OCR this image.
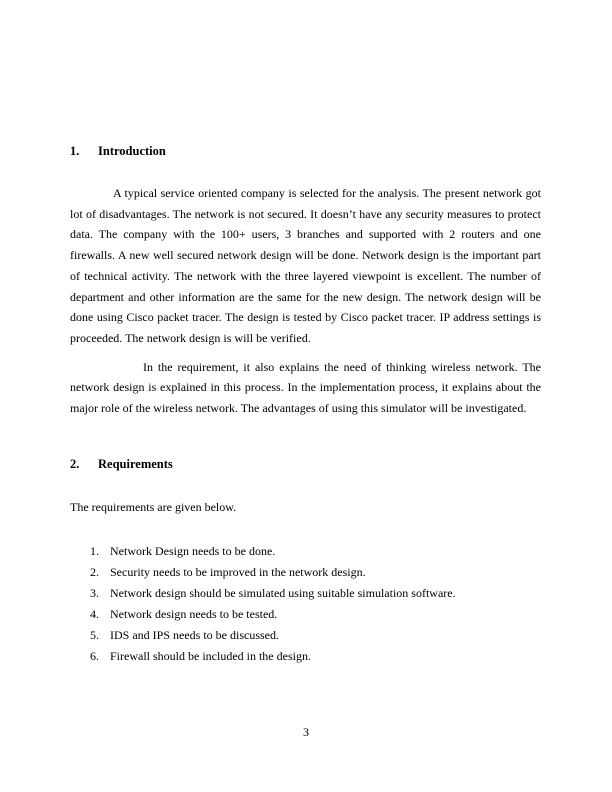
1. Introduction

A typical service oriented company is selected for the analysis. The present network got lot of disadvantages. The network is not secured. It doesn’t have any security measures to protect data. The company with the 100+ users, 3 branches and supported with 2 routers and one firewalls. A new well secured network design will be done. Network design is the important part of technical activity. The network with the three layered viewpoint is excellent. The number of department and other information are the same for the new design. The network design will be done using Cisco packet tracer. The design is tested by Cisco packet tracer. IP address settings is proceeded. The network design is will be verified.

In the requirement, it also explains the need of thinking wireless network. The network design is explained in this process. In the implementation process, it explains about the major role of the wireless network. The advantages of using this simulator will be investigated.

2. Requirements

The requirements are given below.

1. Network Design needs to be done.
2. Security needs to be improved in the network design.
3. Network design should be simulated using suitable simulation software.
4. Network design needs to be tested.
5. IDS and IPS needs to be discussed.
6. Firewall should be included in the design.
3
